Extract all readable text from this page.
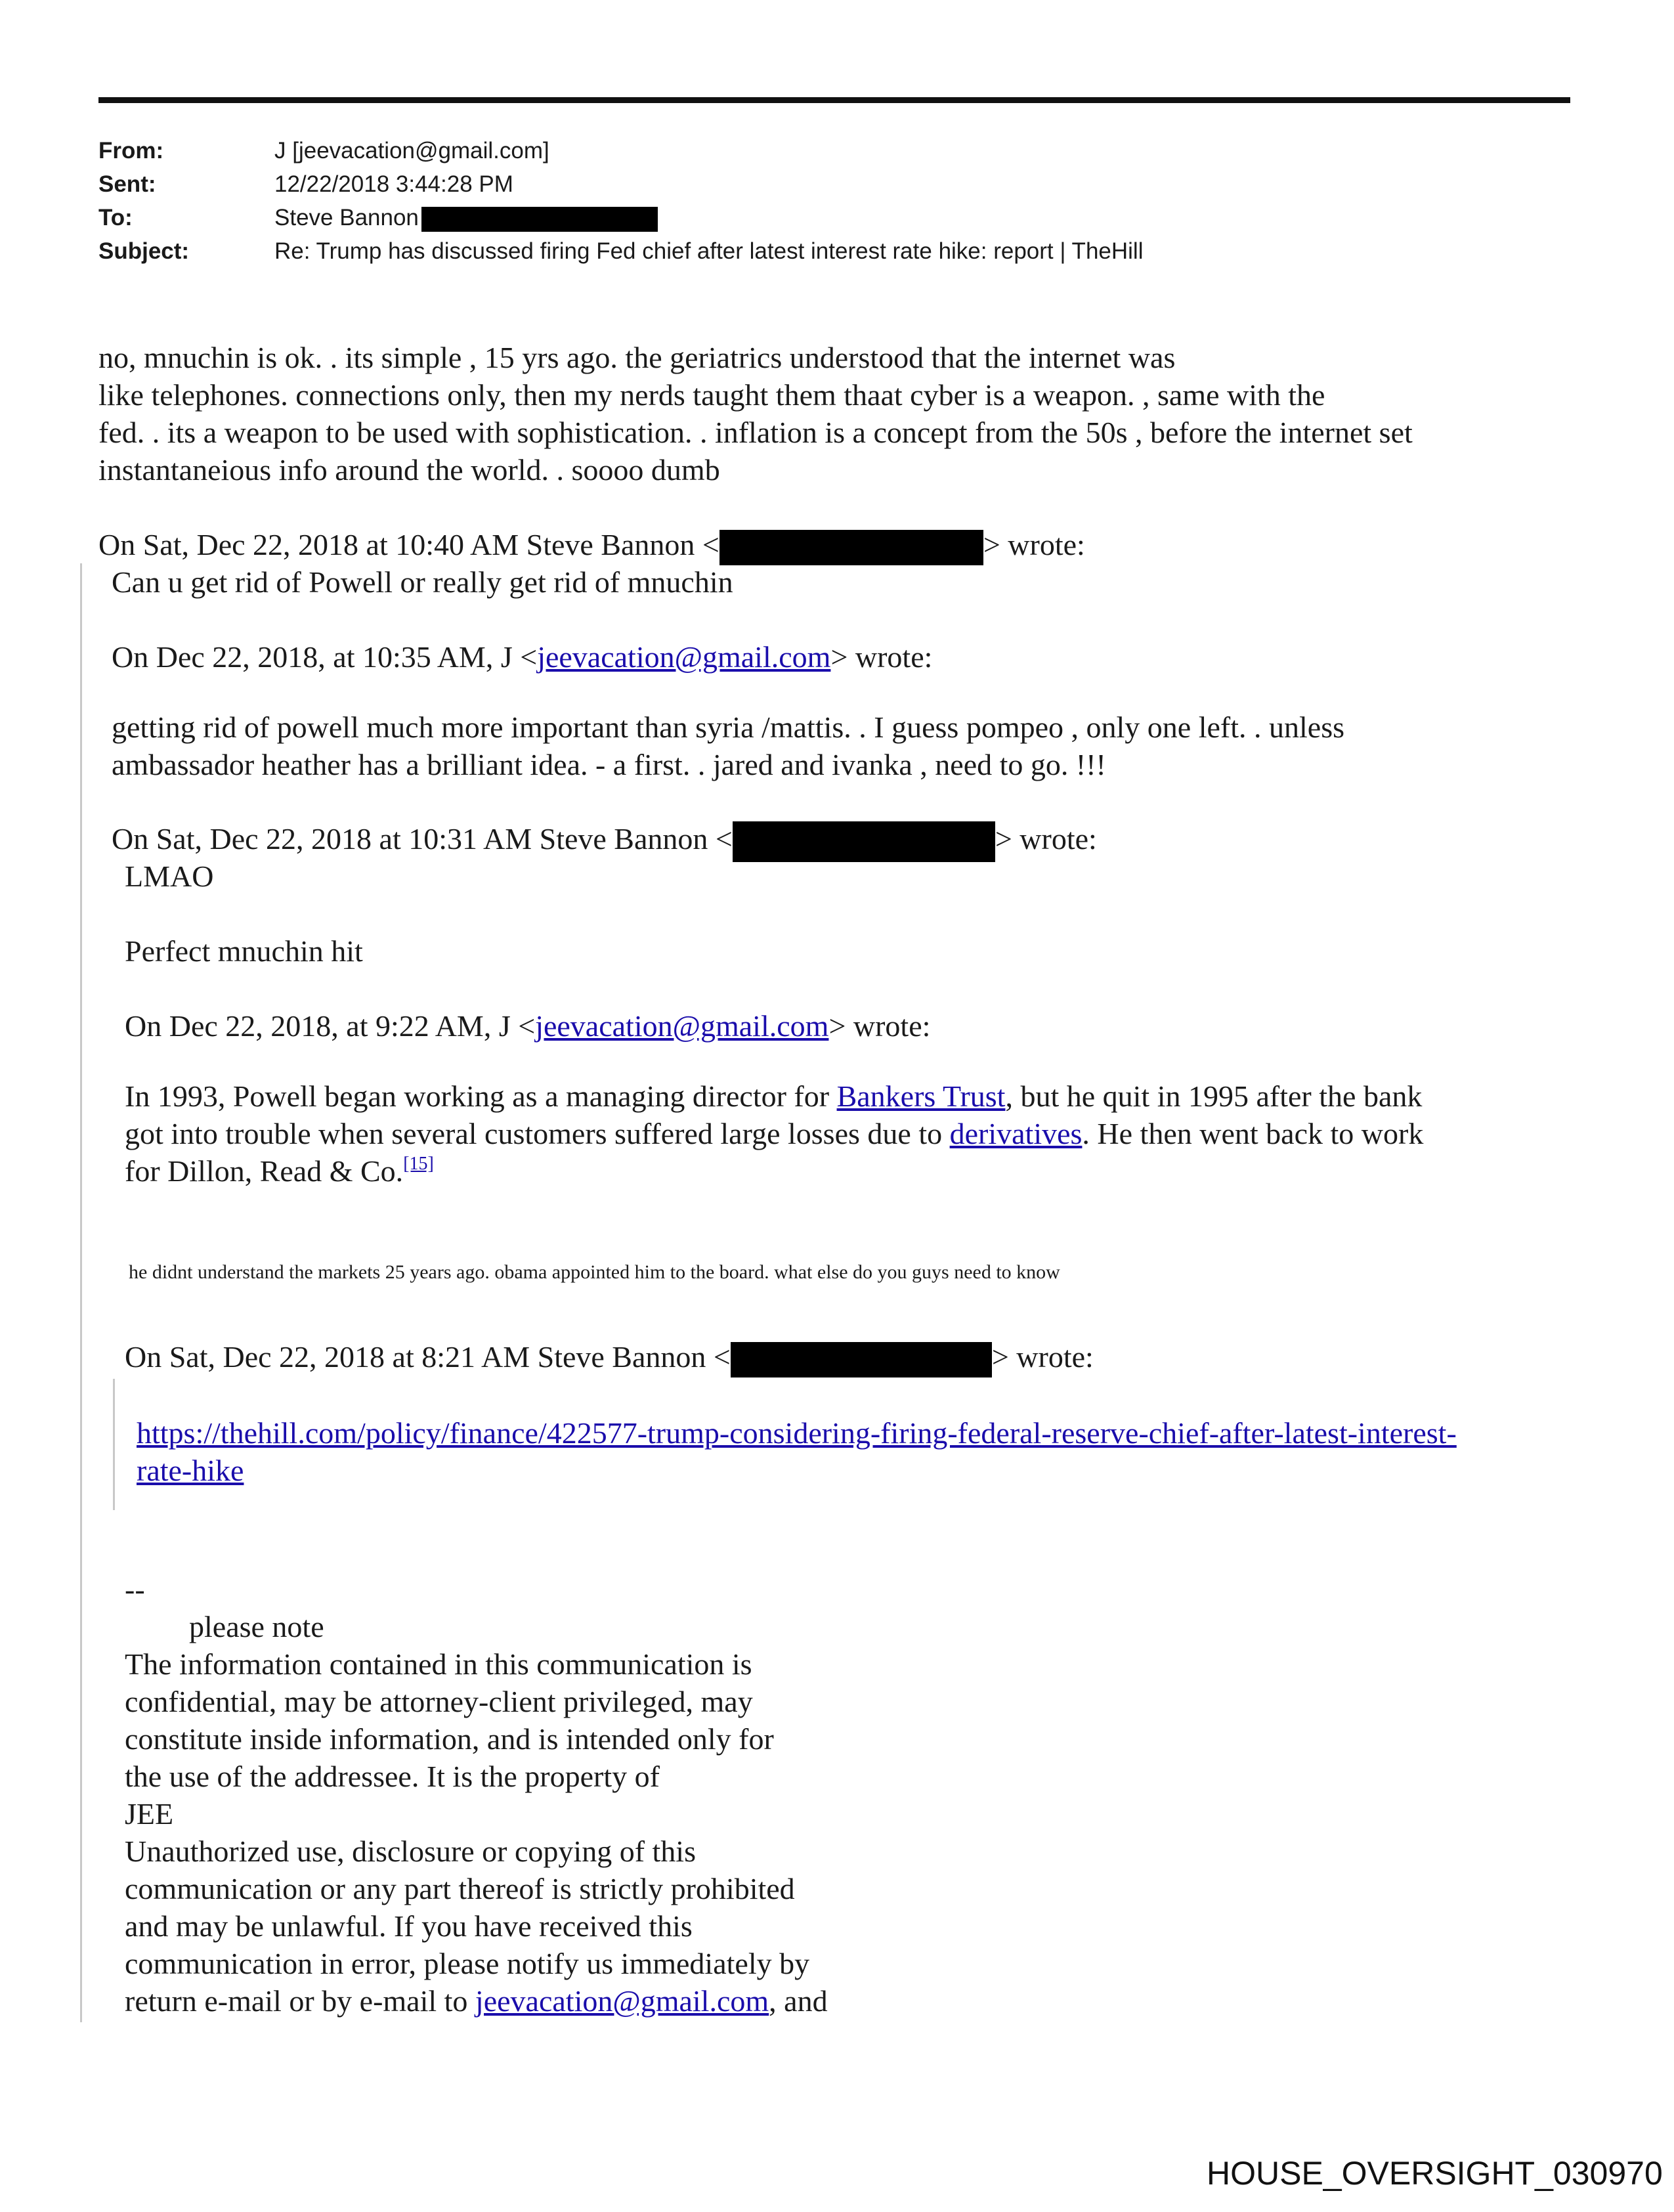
From:	J [jeevacation@gmail.com]
Sent:	12/22/2018 3:44:28 PM
To:	Steve Bannon
Subject:	Re: Trump has discussed firing Fed chief after latest interest rate hike: report | TheHill
no, mnuchin is ok. . its simple , 15 yrs ago. the geriatrics understood that the internet was
like telephones. connections only, then my nerds taught them thaat cyber is a weapon. , same with the
fed. . its a weapon to be used with sophistication. . inflation is a concept from the 50s , before the internet set
instantaneious info around the world. . soooo dumb
On Sat, Dec 22, 2018 at 10:40 AM Steve Bannon <	> wrote:
Can u get rid of Powell or really get rid of mnuchin
On Dec 22, 2018, at 10:35 AM, J <jeevacation@gmail.com> wrote:
getting rid of powell much more important than syria /mattis. . I guess pompeo , only one left. . unless
ambassador heather has a brilliant idea. - a first. . jared and ivanka , need to go. !!!
On Sat, Dec 22, 2018 at 10:31 AM Steve Bannon <	> wrote:
LMAO
Perfect mnuchin hit
On Dec 22, 2018, at 9:22 AM, J <jeevacation@gmail.com> wrote:
In 1993, Powell began working as a managing director for Bankers Trust, but he quit in 1995 after the bank
got into trouble when several customers suffered large losses due to derivatives. He then went back to work
for Dillon, Read & Co.[15]
he didnt understand the markets 25 years ago. obama appointed him to the board. what else do you guys need to know
On Sat, Dec 22, 2018 at 8:21 AM Steve Bannon <	> wrote:
https://thehill.com/policy/finance/422577-trump-considering-firing-federal-reserve-chief-after-latest-interest-
rate-hike
--
please note
The information contained in this communication is
confidential, may be attorney-client privileged, may
constitute inside information, and is intended only for
the use of the addressee. It is the property of
JEE
Unauthorized use, disclosure or copying of this
communication or any part thereof is strictly prohibited
and may be unlawful. If you have received this
communication in error, please notify us immediately by
return e-mail or by e-mail to jeevacation@gmail.com, and
HOUSE_OVERSIGHT_030970
